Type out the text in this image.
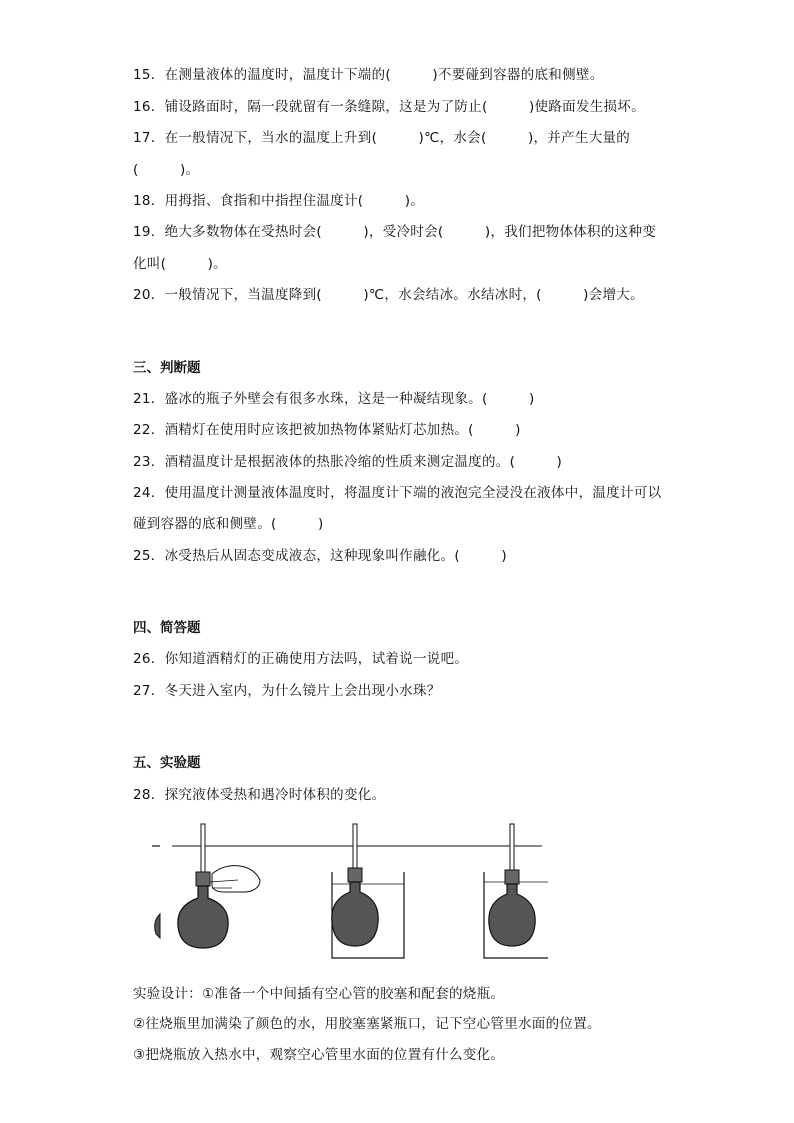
15．在测量液体的温度时，温度计下端的(　　　)不要碰到容器的底和侧壁。
16．铺设路面时，隔一段就留有一条缝隙，这是为了防止(　　　)使路面发生损坏。
17．在一般情况下，当水的温度上升到(　　　)℃，水会(　　　)，并产生大量的
(　　　)。
18．用拇指、食指和中指捏住温度计(　　　)。
19．绝大多数物体在受热时会(　　　)，受冷时会(　　　)，我们把物体体积的这种变
化叫(　　　)。
20．一般情况下，当温度降到(　　　)℃，水会结冰。水结冰时，(　　　)会增大。
三、判断题
21．盛冰的瓶子外壁会有很多水珠，这是一种凝结现象。(　　　)
22．酒精灯在使用时应该把被加热物体紧贴灯芯加热。(　　　)
23．酒精温度计是根据液体的热胀冷缩的性质来测定温度的。(　　　)
24．使用温度计测量液体温度时，将温度计下端的液泡完全浸没在液体中，温度计可以
碰到容器的底和侧壁。(　　　)
25．冰受热后从固态变成液态，这种现象叫作融化。(　　　)
四、简答题
26．你知道酒精灯的正确使用方法吗，试着说一说吧。
27．冬天进入室内，为什么镜片上会出现小水珠？
五、实验题
28．探究液体受热和遇冷时体积的变化。
实验设计：①准备一个中间插有空心管的胶塞和配套的烧瓶。
②往烧瓶里加满染了颜色的水，用胶塞塞紧瓶口，记下空心管里水面的位置。
③把烧瓶放入热水中，观察空心管里水面的位置有什么变化。
